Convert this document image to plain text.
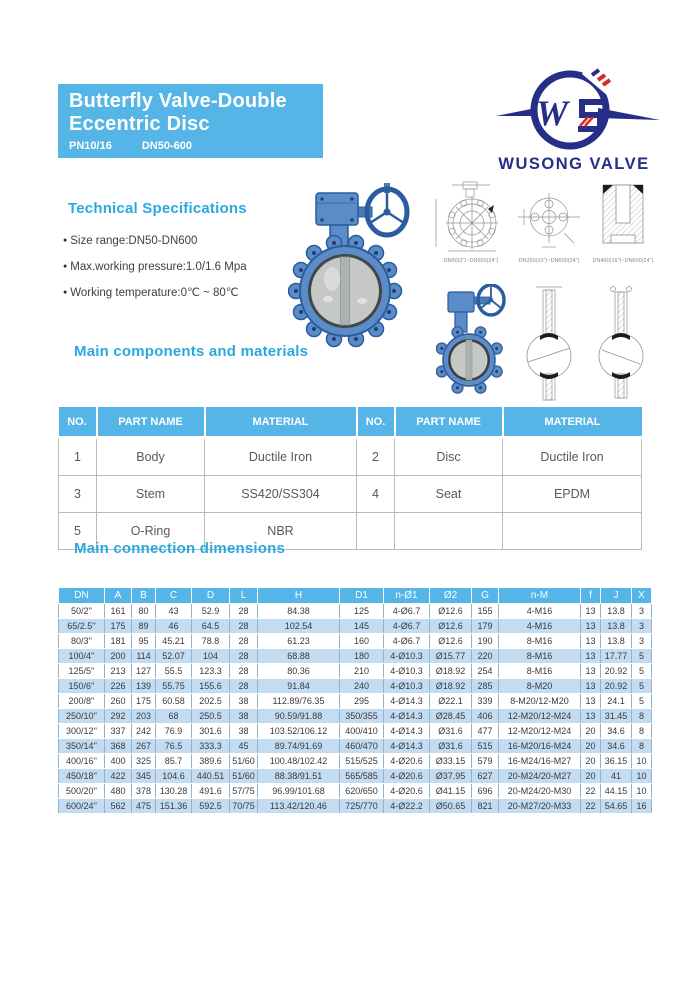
Butterfly Valve-Double
Eccentric Disc
PN10/16	DN50-600
W
WUSONG VALVE
Technical Specifications
● Size range:DN50-DN600
● Max.working pressure:1.0/1.6 Mpa
● Working temperature:0℃ ~ 80℃
DN50(2")~DN600(24")	DN250(10")~DN600(24") DN400(16")~DN600(24")
Main components and materials
NO.	PART NAME	MATERIAL	NO.	PART NAME	MATERIAL
1	Body	Ductile Iron	2	Disc	Ductile Iron
3	Stem	SS420/SS304	4	Seat	EPDM
5	O-Ring	NBR			
Main connection dimensions
DN	A	B	C	D	L	H	D1	n-Ø1	Ø2	G	n-M	f	J	X
50/2''	161	80	43	52.9	28	84.38	125	4-Ø6.7	Ø12.6	155	4-M16	13	13.8	3
65/2.5''	175	89	46	64.5	28	102.54	145	4-Ø6.7	Ø12.6	179	4-M16	13	13.8	3
80/3''	181	95	45.21	78.8	28	61.23	160	4-Ø6.7	Ø12.6	190	8-M16	13	13.8	3
100/4''	200	114	52.07	104	28	68.88	180	4-Ø10.3	Ø15.77	220	8-M16	13	17.77	5
125/5''	213	127	55.5	123.3	28	80.36	210	4-Ø10.3	Ø18.92	254	8-M16	13	20.92	5
150/6''	226	139	55.75	155.6	28	91.84	240	4-Ø10.3	Ø18.92	285	8-M20	13	20.92	5
200/8''	260	175	60.58	202.5	38	112.89/76.35	295	4-Ø14.3	Ø22.1	339	8-M20/12-M20	13	24.1	5
250/10''	292	203	68	250.5	38	90.59/91.88	350/355	4-Ø14.3	Ø28.45	406	12-M20/12-M24	13	31.45	8
300/12''	337	242	76.9	301.6	38	103.52/106.12	400/410	4-Ø14.3	Ø31.6	477	12-M20/12-M24	20	34.6	8
350/14''	368	267	76.5	333.3	45	89.74/91.69	460/470	4-Ø14.3	Ø31.6	515	16-M20/16-M24	20	34.6	8
400/16''	400	325	85.7	389.6	51/60	100.48/102.42	515/525	4-Ø20.6	Ø33.15	579	16-M24/16-M27	20	36.15	10
450/18''	422	345	104.6	440.51	51/60	88.38/91.51	565/585	4-Ø20.6	Ø37.95	627	20-M24/20-M27	20	41	10
500/20''	480	378	130.28	491.6	57/75	96.99/101.68	620/650	4-Ø20.6	Ø41.15	696	20-M24/20-M30	22	44.15	10
600/24''	562	475	151.36	592.5	70/75	113.42/120.46	725/770	4-Ø22.2	Ø50.65	821	20-M27/20-M33	22	54.65	16
